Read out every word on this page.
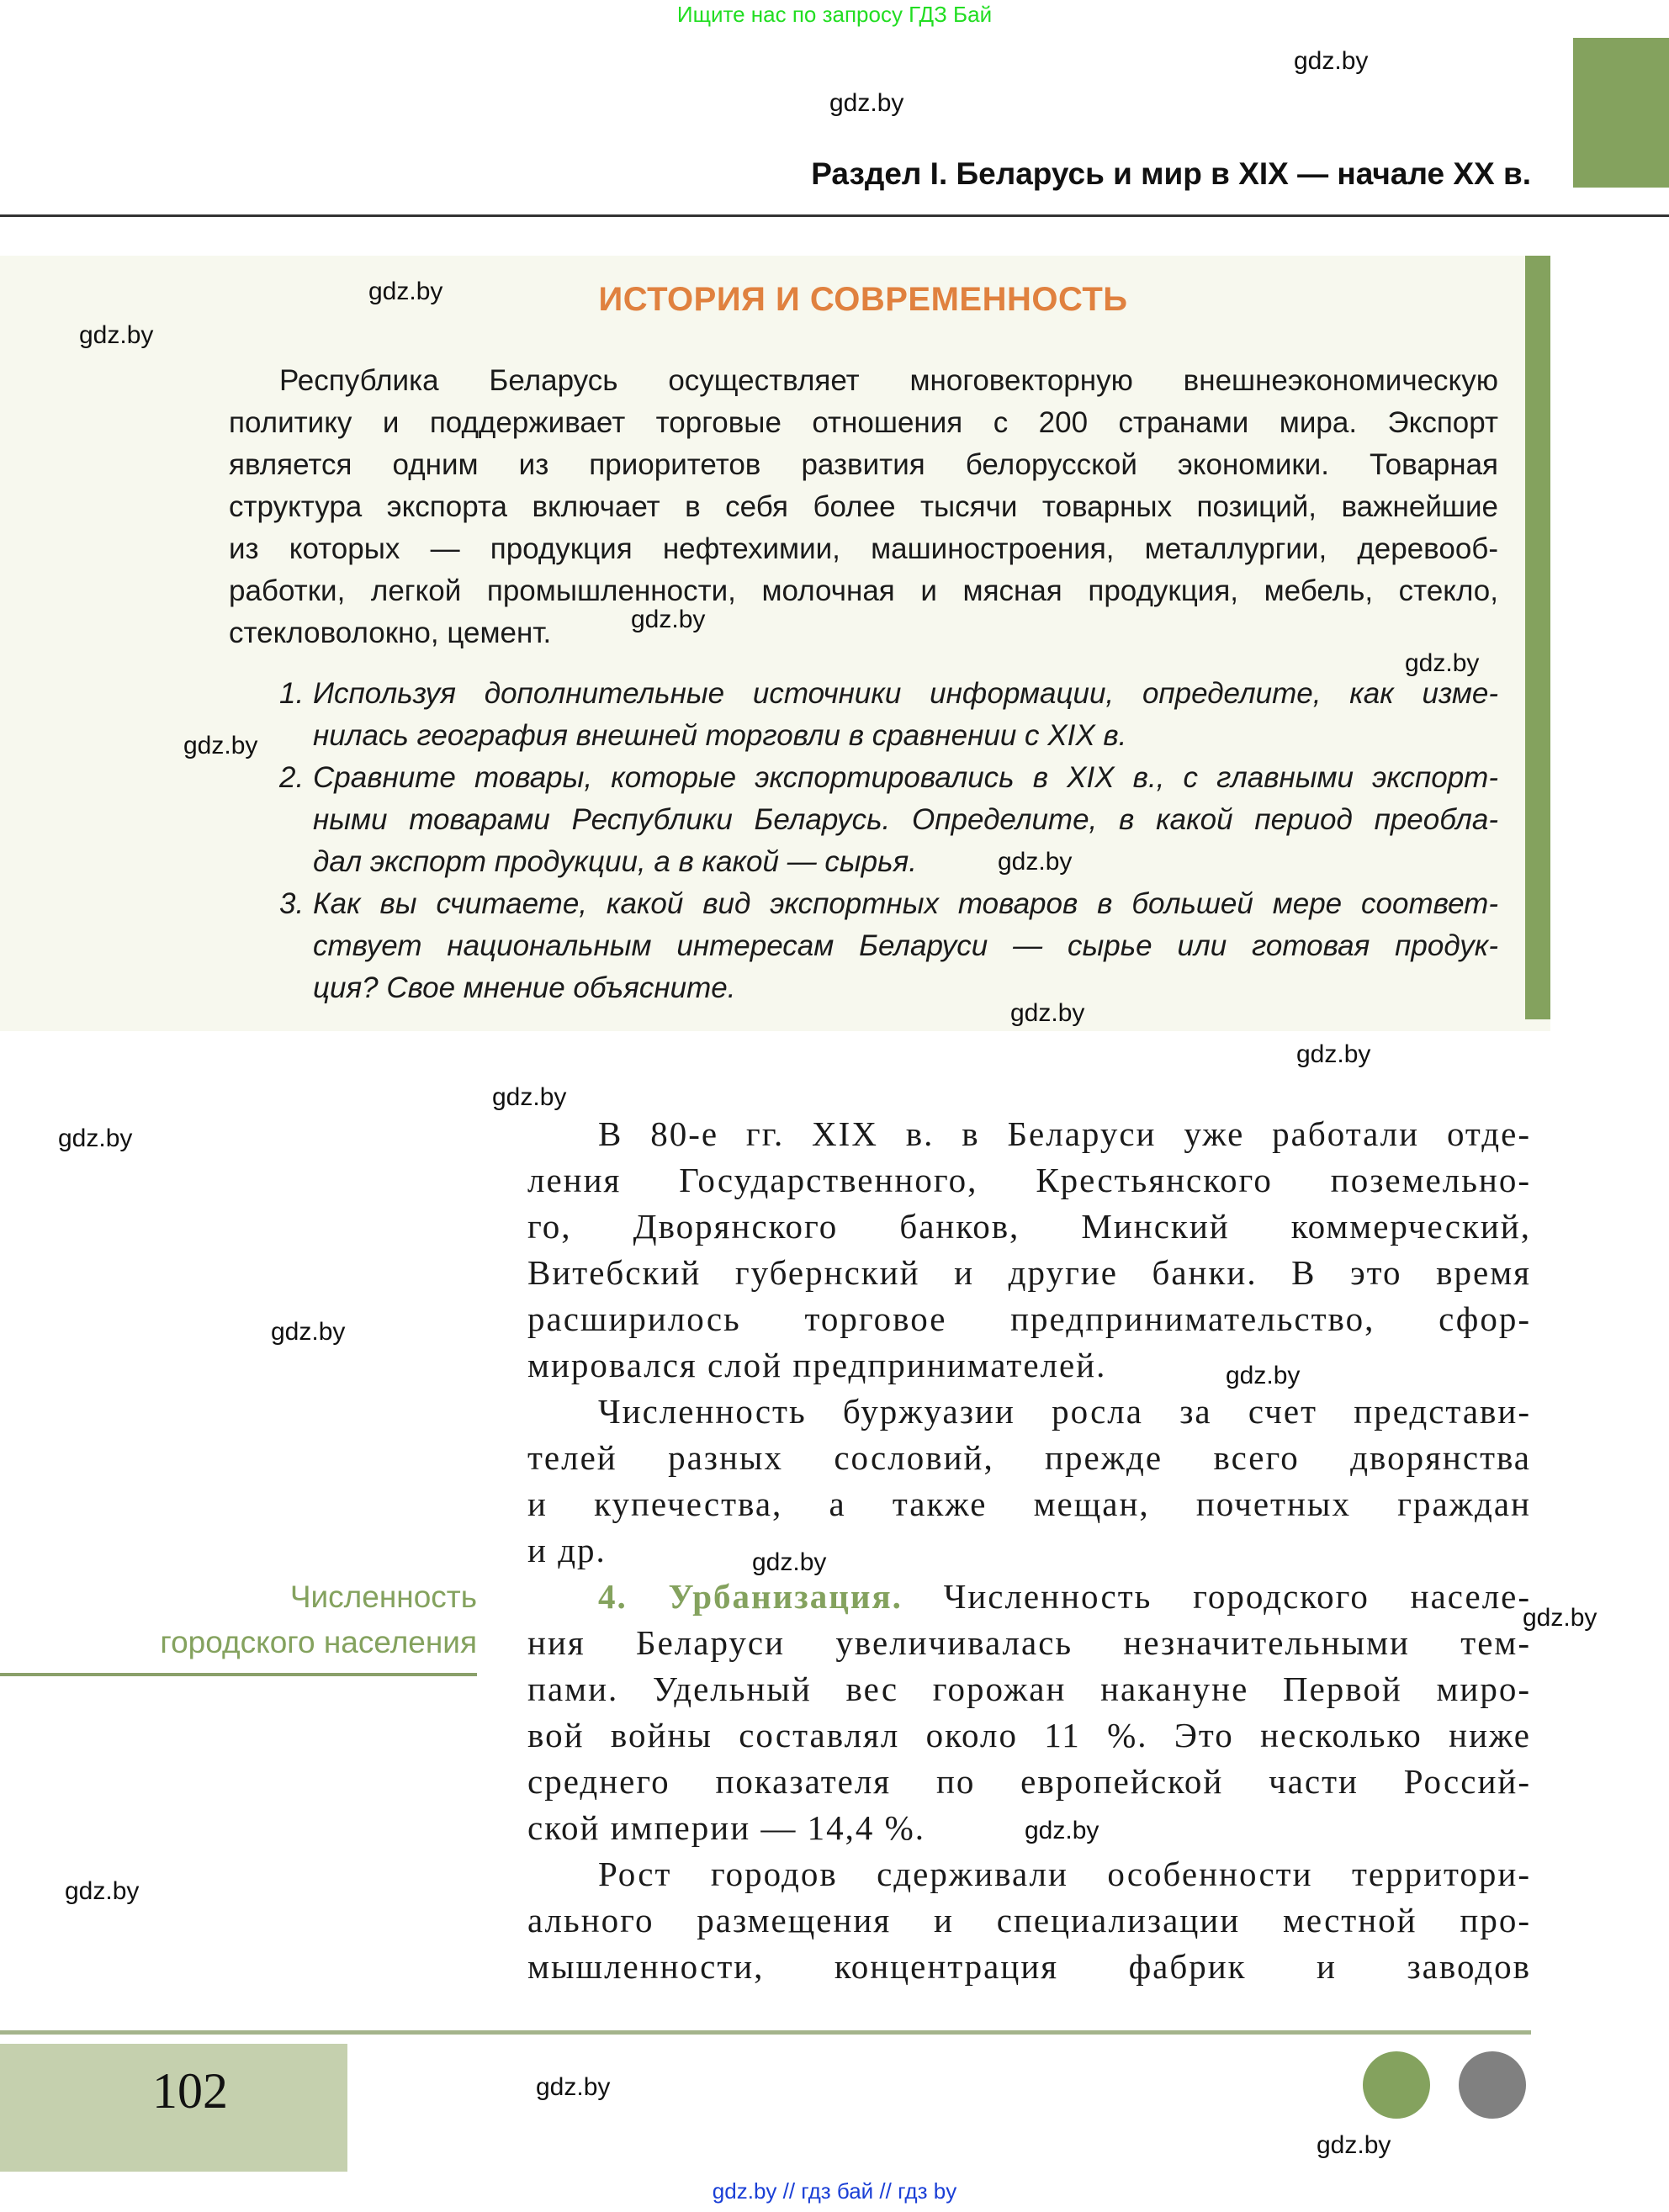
Ищите нас по запросу ГДЗ Бай
Раздел I. Беларусь и мир в XIX — начале XX в.
ИСТОРИЯ И СОВРЕМЕННОСТЬ
Республика Беларусь осуществляет многовекторную внешнеэкономическую
политику и поддерживает торговые отношения с 200 странами мира. Экспорт
является одним из приоритетов развития белорусской экономики. Товарная
структура экспорта включает в себя более тысячи товарных позиций, важнейшие
из которых — продукция нефтехимии, машиностроения, металлургии, деревооб-
работки, легкой промышленности, молочная и мясная продукция, мебель, стекло,
стекловолокно, цемент.
1. Используя дополнительные источники информации, определите, как изме-
нилась география внешней торговли в сравнении с XIX в.
2. Сравните товары, которые экспортировались в XIX в., с главными экспорт-
ными товарами Республики Беларусь. Определите, в какой период преобла-
дал экспорт продукции, а в какой — сырья.
3. Как вы считаете, какой вид экспортных товаров в большей мере соответ-
ствует национальным интересам Беларуси — сырье или готовая продук-
ция? Свое мнение объясните.
Численность
городского населения
В 80-е гг. XIX в. в Беларуси уже работали отде-
ления Государственного, Крестьянского поземельно-
го, Дворянского банков, Минский коммерческий,
Витебский губернский и другие банки. В это время
расширилось торговое предпринимательство, сфор-
мировался слой предпринимателей.
Численность буржуазии росла за счет представи-
телей разных сословий, прежде всего дворянства
и купечества, а также мещан, почетных граждан
и др.
4. Урбанизация. Численность городского населе-
ния Беларуси увеличивалась незначительными тем-
пами. Удельный вес горожан накануне Первой миро-
вой войны составлял около 11 %. Это несколько ниже
среднего показателя по европейской части Россий-
ской империи — 14,4 %.
Рост городов сдерживали особенности территори-
ального размещения и специализации местной про-
мышленности, концентрация фабрик и заводов
102
gdz.by // гдз бай // гдз by
gdz.by
gdz.by
gdz.by
gdz.by
gdz.by
gdz.by
gdz.by
gdz.by
gdz.by
gdz.by
gdz.by
gdz.by
gdz.by
gdz.by
gdz.by
gdz.by
gdz.by
gdz.by
gdz.by
gdz.by
